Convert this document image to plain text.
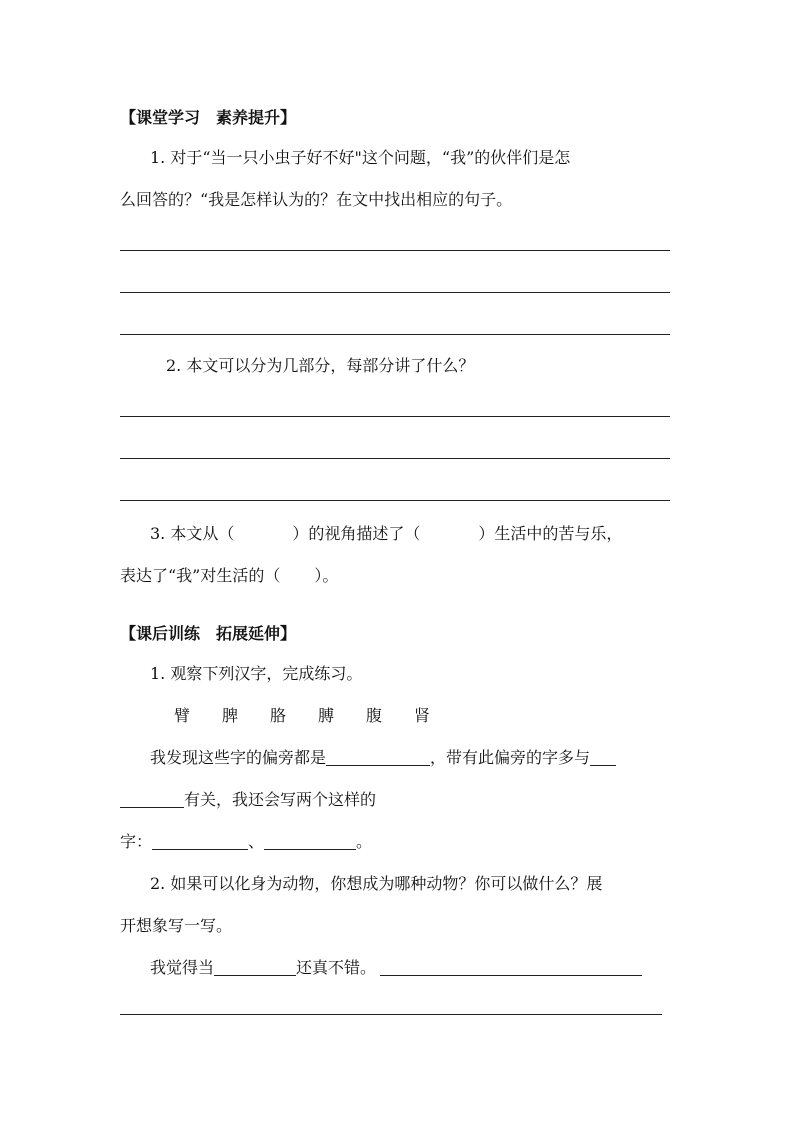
【课堂学习　素养提升】
1. 对于“当一只小虫子好不好"这个问题，“我”的伙伴们是怎
么回答的？“我是怎样认为的？在文中找出相应的句子。
2. 本文可以分为几部分，每部分讲了什么？
3. 本文从（	）的视角描述了（	）生活中的苦与乐，
表达了“我”对生活的（ ）。
【课后训练　拓展延伸】
1. 观察下列汉字，完成练习。
臂 脾 胳 膊 腹 肾
我发现这些字的偏旁都是	，带有此偏旁的字多与
有关，我还会写两个这样的
字：	、	。
2. 如果可以化身为动物，你想成为哪种动物？你可以做什么？展
开想象写一写。
我觉得当	还真不错。
